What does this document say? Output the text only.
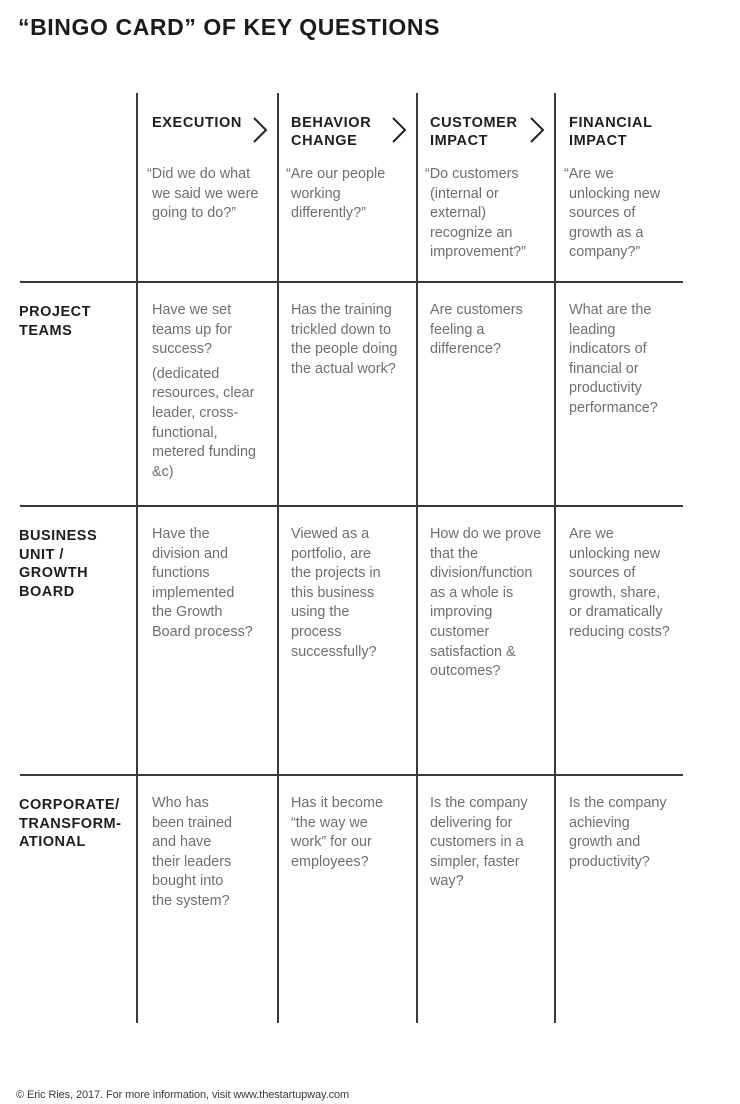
“BINGO CARD” OF KEY QUESTIONS
EXECUTION	BEHAVIOR
CHANGE
CUSTOMER
IMPACT
FINANCIAL
IMPACT
“Did we do what we said we were going to do?”
“Are our people working differently?”
“Do customers (internal or external) recognize an improvement?”
“Are we unlocking new sources of growth as a company?”
PROJECT
TEAMS

Have we set teams up for success?

(dedicated resources, clear leader, cross-functional, metered funding &c)

Has the training trickled down to the people doing the actual work?

Are customers feeling a difference?

What are the leading indicators of financial or productivity performance?

BUSINESS
UNIT /
GROWTH
BOARD

Have the division and functions implemented the Growth Board process?

Viewed as a portfolio, are the projects in this business using the process successfully?

How do we prove that the division/function as a whole is improving customer satisfaction & outcomes?

Are we unlocking new sources of growth, share, or dramatically reducing costs?

CORPORATE/
TRANSFORM-
ATIONAL

Who has been trained and have their leaders bought into the system?

Has it become “the way we work” for our employees?

Is the company delivering for customers in a simpler, faster way?

Is the company achieving growth and productivity?

© Eric Ries, 2017. For more information, visit www.thestartupway.com
